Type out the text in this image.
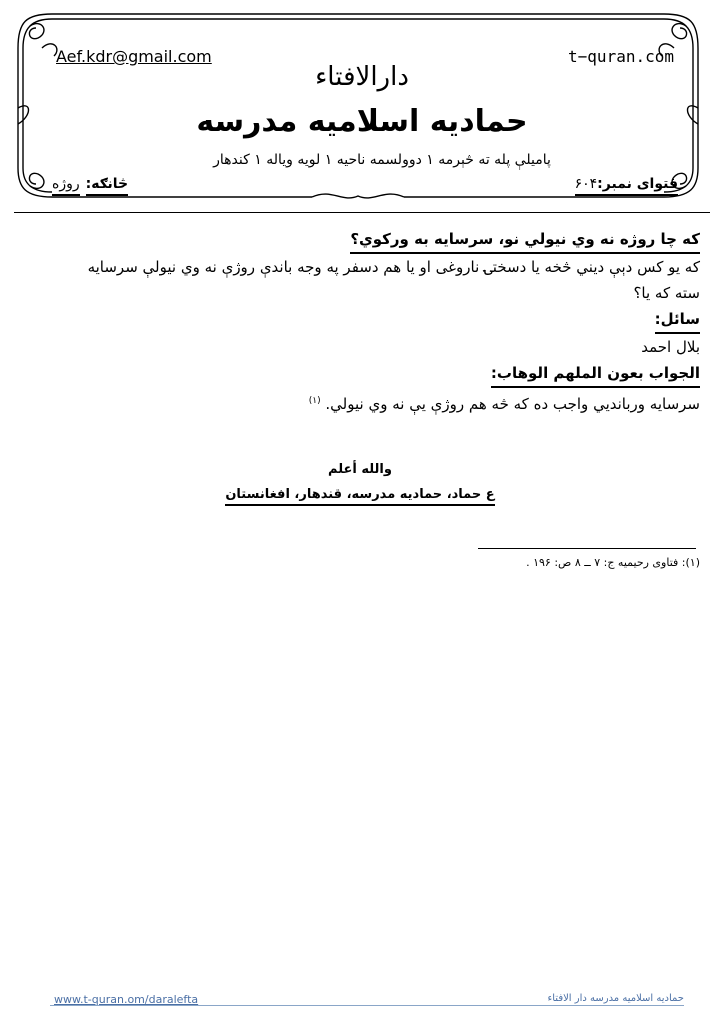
Aef.kdr@gmail.com	t−quran.com
دارالافتاء
حمادیه اسلامیه مدرسه
پامیلې پله ته څېرمه ۱ دوولسمه ناحیه ۱ لویه ویاله ۱ کندهار
فتوای نمبر:۶۰۴
څانګه:روژه

که چا روژه نه وي نيولي نو، سرسايه به ورکوي؟

که يو کس دېې ديني څخه يا دسختۍ ناروغی او يا هم دسفر په وجه باندې روژې نه وي نيولې سرسايه

سته که يا؟

سائل:

بلال احمد

الجواب بعون الملهم الوهاب:

سرسايه وربانديي واجب ده که څه هم روژې يې نه وي نيولي. $^{(۱)}$

والله أعلم
ع حماد، حماديه مدرسه، قندهار، افغانستان
(۱): فتاوی رحیمیه ج: ۷ ــ ۸ ص: ۱۹۶ .
www.t-quran.om/daralefta	حمادیه اسلامیه مدرسه دار الافتاء
